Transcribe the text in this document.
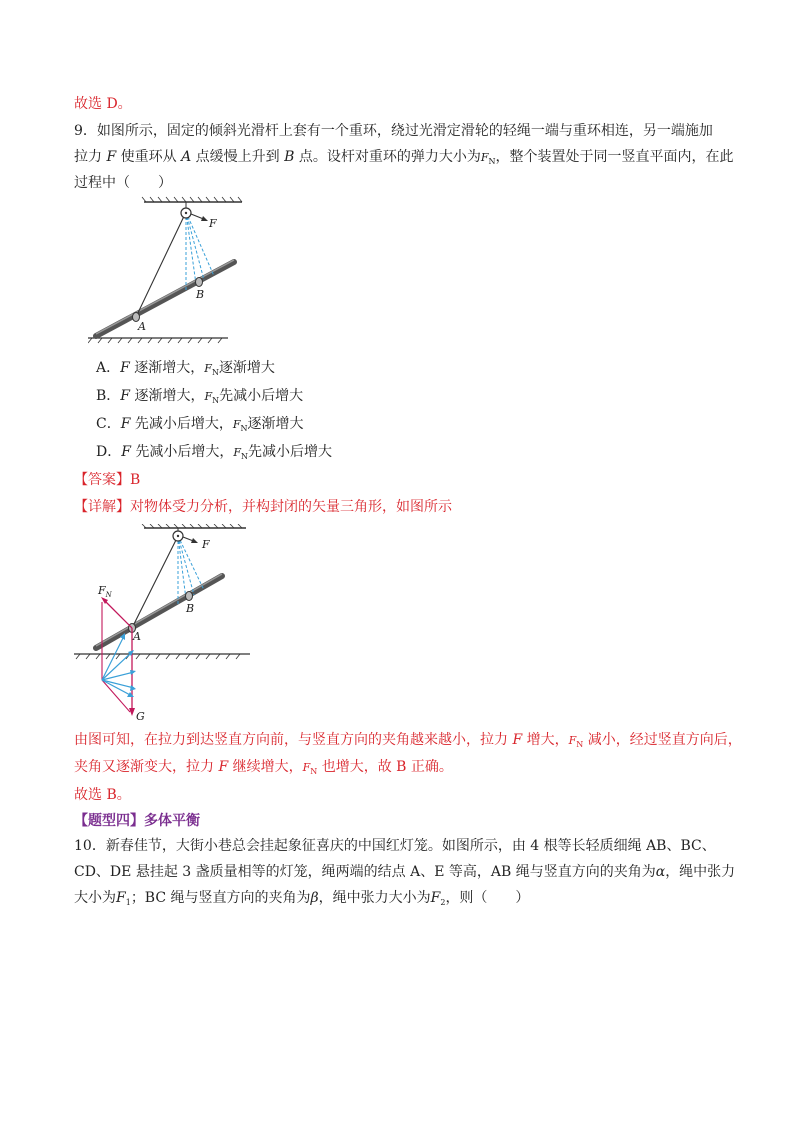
故选 D。
9．如图所示，固定的倾斜光滑杆上套有一个重环，绕过光滑定滑轮的轻绳一端与重环相连，另一端施加
拉力 F 使重环从 A 点缓慢上升到 B 点。设杆对重环的弹力大小为$F_N$，整个装置处于同一竖直平面内，在此
过程中（　　）
F
B
A
A．F 逐渐增大，$F_N$逐渐增大
B．F 逐渐增大，$F_N$先减小后增大
C．F 先减小后增大，$F_N$逐渐增大
D．F 先减小后增大，$F_N$先减小后增大
【答案】B
【详解】对物体受力分析，并构封闭的矢量三角形，如图所示
F
$F_N$
B
A
G
由图可知，在拉力到达竖直方向前，与竖直方向的夹角越来越小，拉力 F 增大，$F_N$ 减小，经过竖直方向后，
夹角又逐渐变大，拉力 F 继续增大，$F_N$ 也增大，故 B 正确。
故选 B。
【题型四】多体平衡
10．新春佳节，大街小巷总会挂起象征喜庆的中国红灯笼。如图所示，由 4 根等长轻质细绳 AB、BC、
CD、DE 悬挂起 3 盏质量相等的灯笼，绳两端的结点 A、E 等高，AB 绳与竖直方向的夹角为α，绳中张力
大小为$F_1$；BC 绳与竖直方向的夹角为β，绳中张力大小为$F_2$，则（　　）
